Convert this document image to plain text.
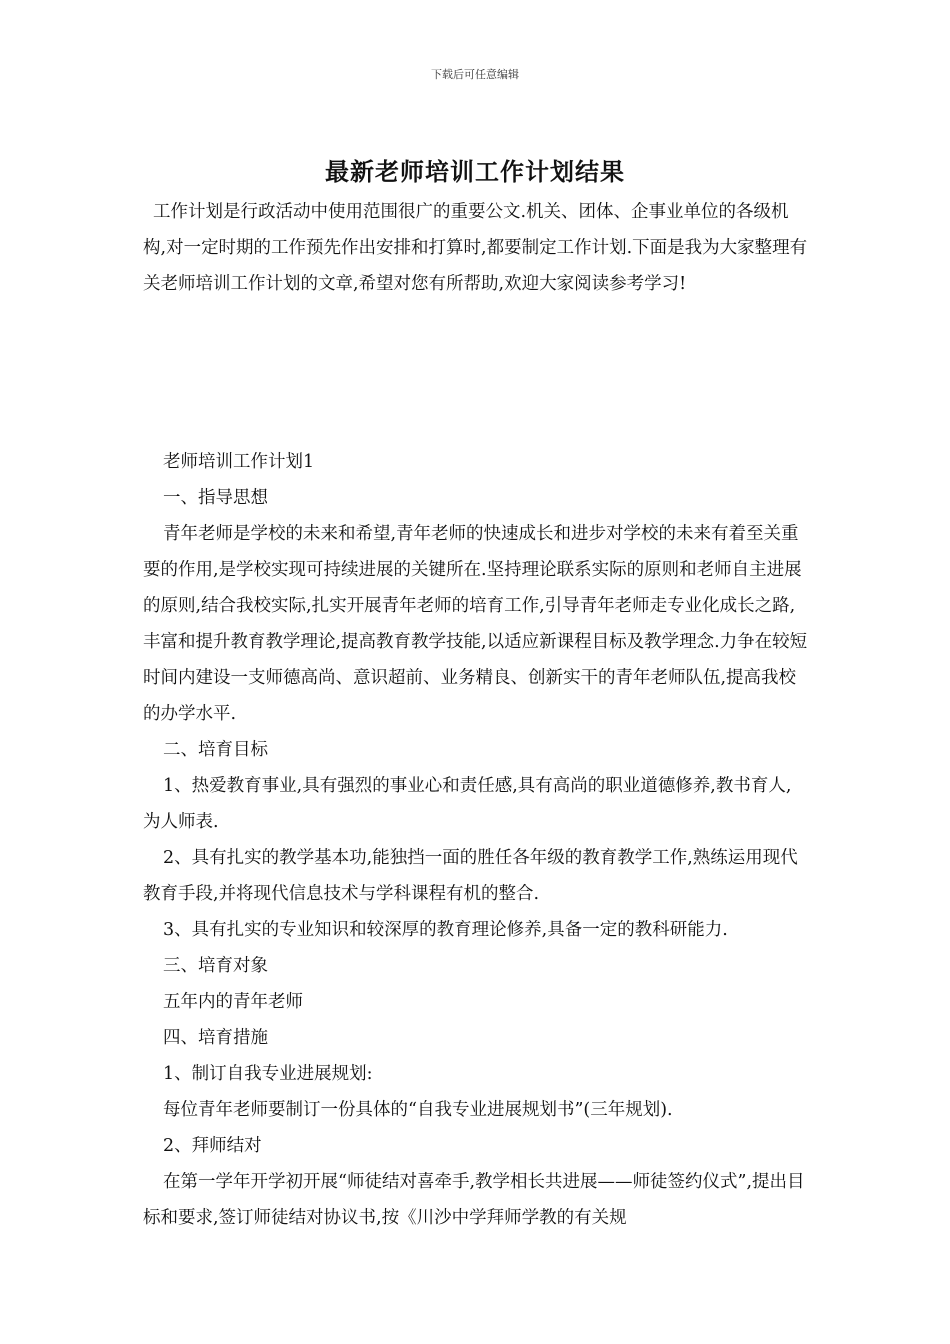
下载后可任意编辑
最新老师培训工作计划结果

工作计划是行政活动中使用范围很广的重要公文.机关、团体、企事业单位的各级机构,对一定时期的工作预先作出安排和打算时,都要制定工作计划.下面是我为大家整理有关老师培训工作计划的文章,希望对您有所帮助,欢迎大家阅读参考学习!

老师培训工作计划1

一、指导思想

青年老师是学校的未来和希望,青年老师的快速成长和进步对学校的未来有着至关重要的作用,是学校实现可持续进展的关键所在.坚持理论联系实际的原则和老师自主进展的原则,结合我校实际,扎实开展青年老师的培育工作,引导青年老师走专业化成长之路,丰富和提升教育教学理论,提高教育教学技能,以适应新课程目标及教学理念.力争在较短时间内建设一支师德高尚、意识超前、业务精良、创新实干的青年老师队伍,提高我校的办学水平.

二、培育目标

1、热爱教育事业,具有强烈的事业心和责任感,具有高尚的职业道德修养,教书育人,为人师表.

2、具有扎实的教学基本功,能独挡一面的胜任各年级的教育教学工作,熟练运用现代教育手段,并将现代信息技术与学科课程有机的整合.

3、具有扎实的专业知识和较深厚的教育理论修养,具备一定的教科研能力.

三、培育对象

五年内的青年老师

四、培育措施

1、制订自我专业进展规划:

每位青年老师要制订一份具体的“自我专业进展规划书”(三年规划).

2、拜师结对

在第一学年开学初开展“师徒结对喜牵手,教学相长共进展——师徒签约仪式”,提出目标和要求,签订师徒结对协议书,按《川沙中学拜师学教的有关规
